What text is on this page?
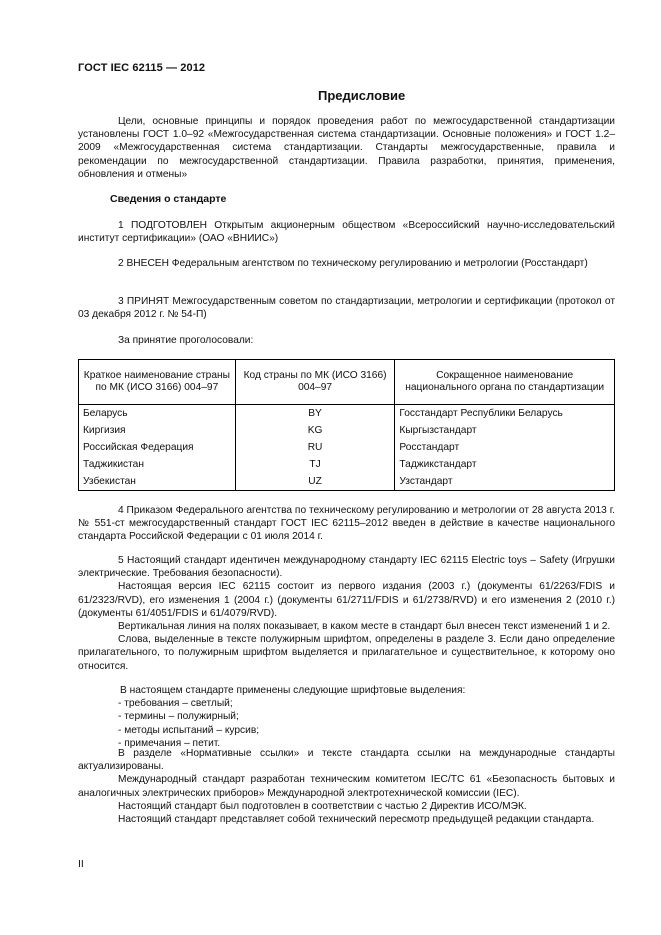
ГОСТ IEC 62115 — 2012
Предисловие

Цели, основные принципы и порядок проведения работ по межгосударственной стандартизации установлены ГОСТ 1.0–92 «Межгосударственная система стандартизации. Основные положения» и ГОСТ 1.2–2009 «Межгосударственная система стандартизации. Стандарты межгосударственные, правила и рекомендации по межгосударственной стандартизации. Правила разработки, принятия, применения, обновления и отмены»

Сведения о стандарте

1 ПОДГОТОВЛЕН Открытым акционерным обществом «Всероссийский научно-исследовательский институт сертификации» (ОАО «ВНИИС»)

2 ВНЕСЕН Федеральным агентством по техническому регулированию и метрологии (Росстандарт)

3 ПРИНЯТ Межгосударственным советом по стандартизации, метрологии и сертификации (протокол от 03 декабря 2012 г. № 54-П)

За принятие проголосовали:

Краткое наименование страны по МК (ИСО 3166) 004–97	Код страны по МК (ИСО 3166) 004–97	Сокращенное наименование национального органа по стандартизации
Беларусь	BY	Госстандарт Республики Беларусь
Киргизия	KG	Кыргызстандарт
Российская Федерация	RU	Росстандарт
Таджикистан	TJ	Таджикстандарт
Узбекистан	UZ	Узстандарт

4 Приказом Федерального агентства по техническому регулированию и метрологии от 28 августа 2013 г. № 551-ст межгосударственный стандарт ГОСТ IEC 62115–2012 введен в действие в качестве национального стандарта Российской Федерации с 01 июля 2014 г.

5 Настоящий стандарт идентичен международному стандарту IEC 62115 Electric toys – Safety (Игрушки электрические. Требования безопасности).

Настоящая версия IEC 62115 состоит из первого издания (2003 г.) (документы 61/2263/FDIS и 61/2323/RVD), его изменения 1 (2004 г.) (документы 61/2711/FDIS и 61/2738/RVD) и его изменения 2 (2010 г.) (документы 61/4051/FDIS и 61/4079/RVD).

Вертикальная линия на полях показывает, в каком месте в стандарт был внесен текст изменений 1 и 2.

Слова, выделенные в тексте полужирным шрифтом, определены в разделе 3. Если дано определение прилагательного, то полужирным шрифтом выделяется и прилагательное и существительное, к которому оно относится.

В настоящем стандарте применены следующие шрифтовые выделения:
- требования – светлый;
- термины – полужирный;
- методы испытаний – курсив;
- примечания – петит.

В разделе «Нормативные ссылки» и тексте стандарта ссылки на международные стандарты актуализированы.

Международный стандарт разработан техническим комитетом IEC/TC 61 «Безопасность бытовых и аналогичных электрических приборов» Международной электротехнической комиссии (IEC).

Настоящий стандарт был подготовлен в соответствии с частью 2 Директив ИСО/МЭК.

Настоящий стандарт представляет собой технический пересмотр предыдущей редакции стандарта.

II
